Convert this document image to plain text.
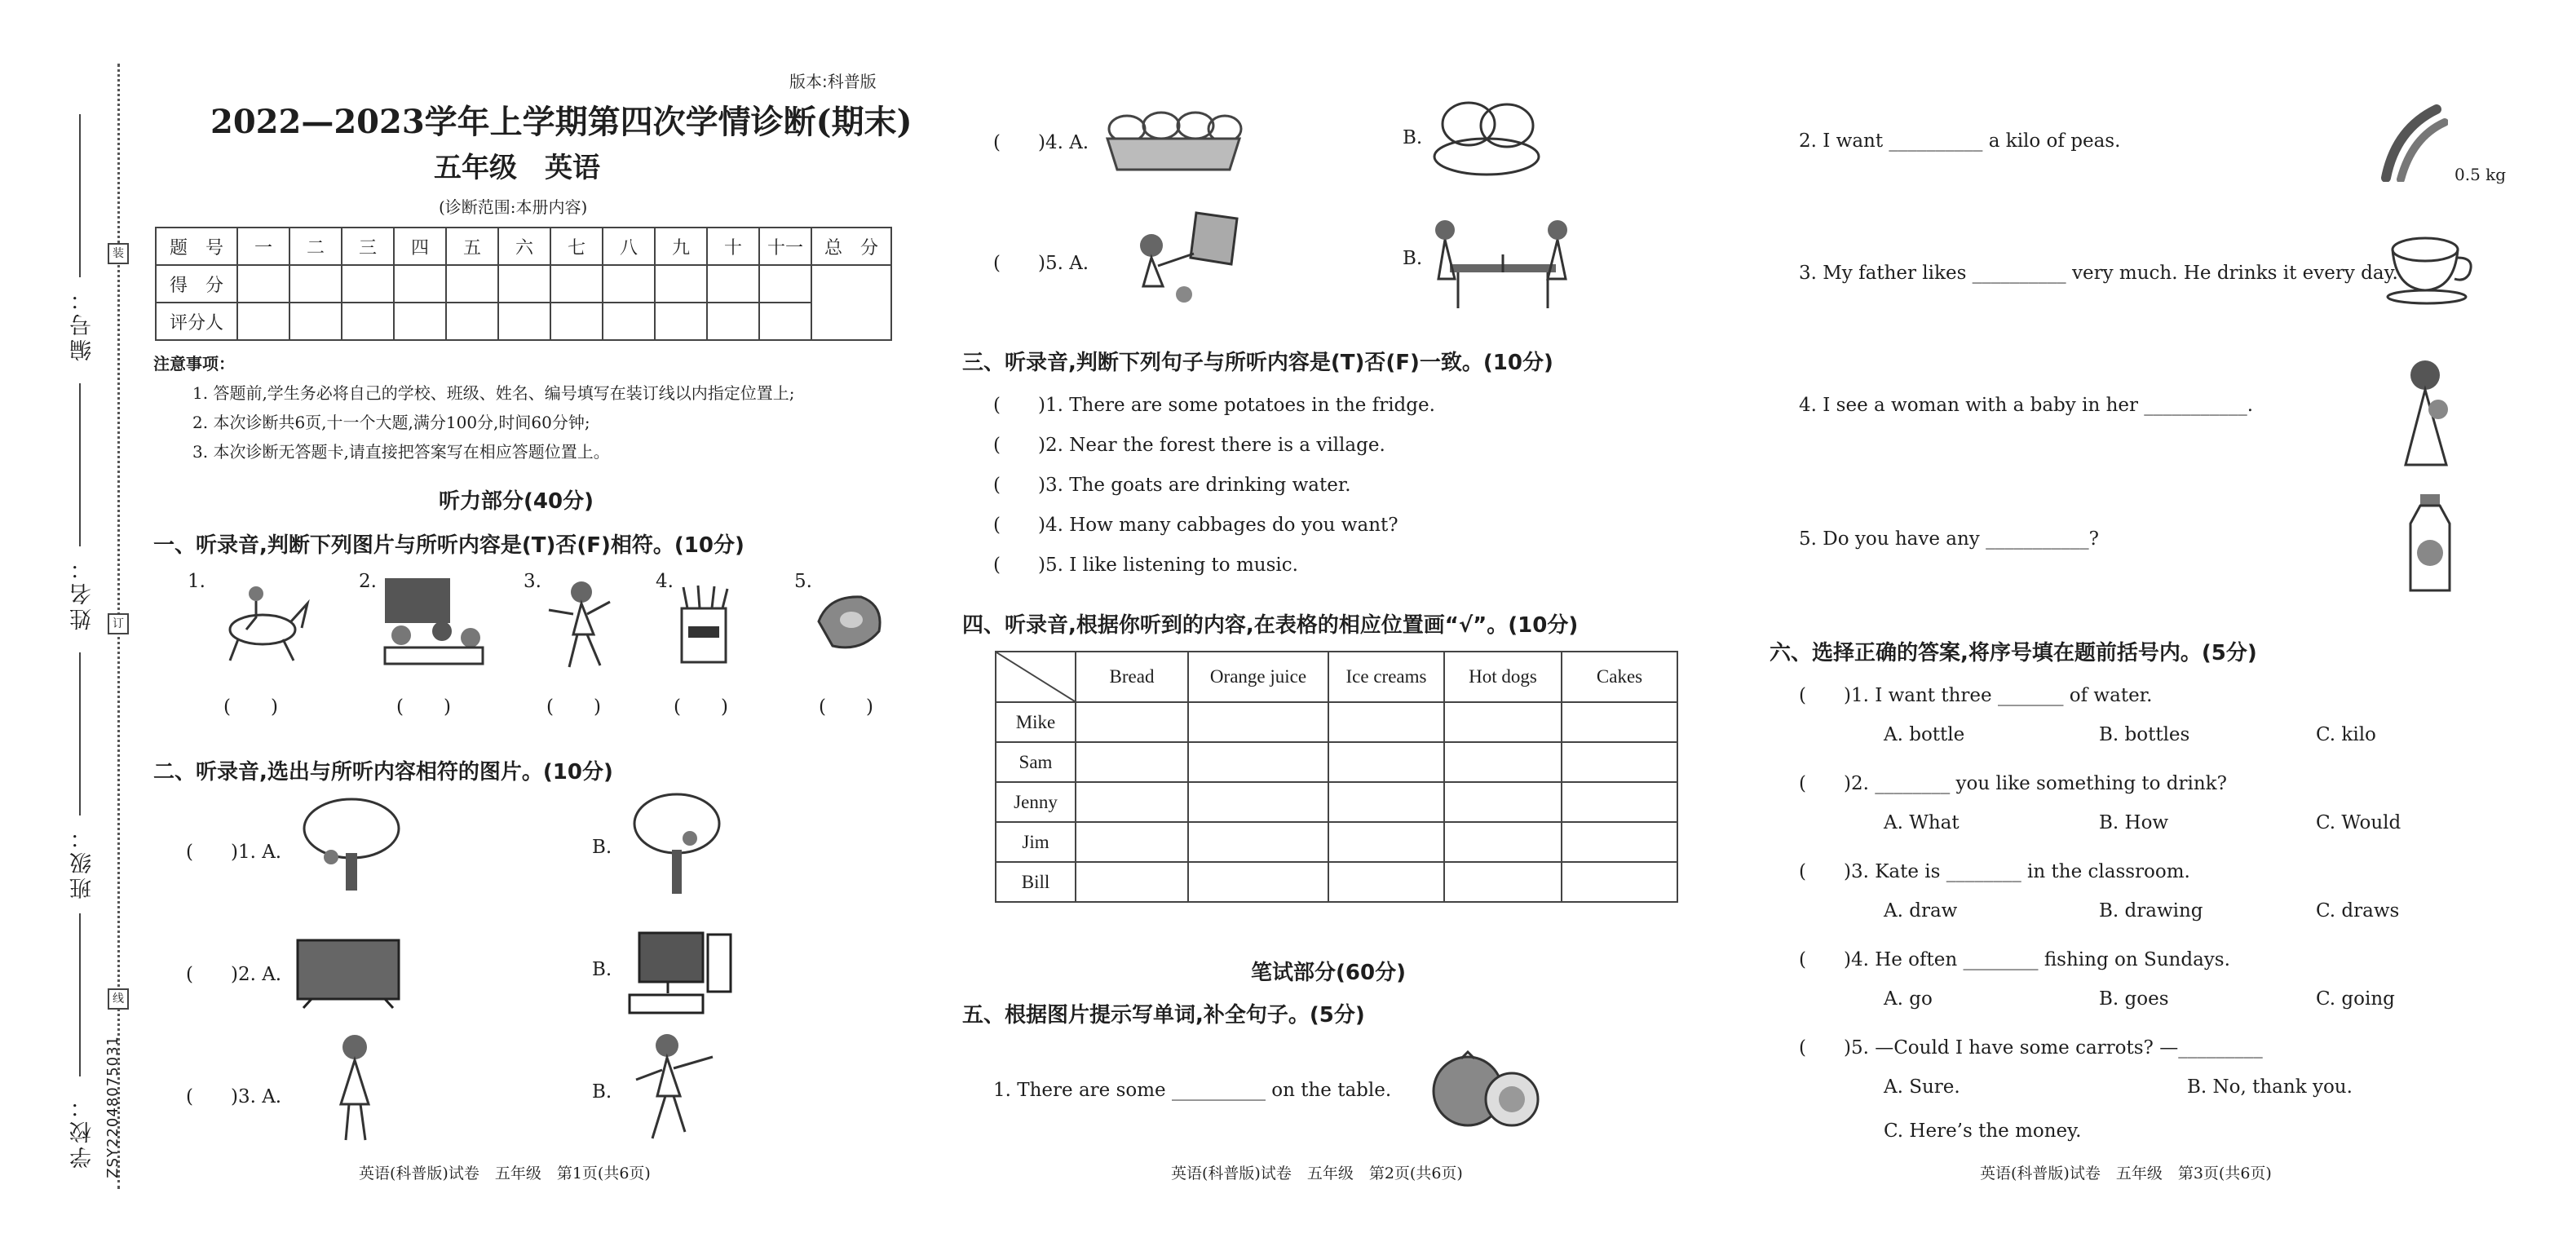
学校：
班级：
姓名：
编号：
装
订
线
ZSY22048075031
版本:科普版
2022—2023学年上学期第四次学情诊断(期末)
五年级　英语
(诊断范围:本册内容)
题　号	一	二	三	四	五	六	七	八	九	十	十一	总　分
得　分												
评分人												
注意事项：
1. 答题前,学生务必将自己的学校、班级、姓名、编号填写在装订线以内指定位置上;
2. 本次诊断共6页,十一个大题,满分100分,时间60分钟;
3. 本次诊断无答题卡,请直接把答案写在相应答题位置上。
听力部分(40分)
一、听录音,判断下列图片与所听内容是(T)否(F)相符。(10分)
1.	2.	3.	4.	5.
(　　)	(　　)	(　　)	(　　)	(　　)
二、听录音,选出与所听内容相符的图片。(10分)
(　　)1. A.	B.
(　　)2. A.	B.
(　　)3. A.	B.
英语(科普版)试卷　五年级　第1页(共6页)
(　　)4. A.	B.
(　　)5. A.	B.
三、听录音,判断下列句子与所听内容是(T)否(F)一致。(10分)
(　　)1. There are some potatoes in the fridge.
(　　)2. Near the forest there is a village.
(　　)3. The goats are drinking water.
(　　)4. How many cabbages do you want?
(　　)5. I like listening to music.
四、听录音,根据你听到的内容,在表格的相应位置画“√”。(10分)
	Bread	Orange juice	Ice creams	Hot dogs	Cakes
Mike					
Sam					
Jenny					
Jim					
Bill					
笔试部分(60分)
五、根据图片提示写单词,补全句子。(5分)
1. There are some __________ on the table.
英语(科普版)试卷　五年级　第2页(共6页)
2. I want __________ a kilo of peas.
0.5 kg
3. My father likes __________ very much. He drinks it every day.
4. I see a woman with a baby in her ___________.
5. Do you have any ___________?
六、选择正确的答案,将序号填在题前括号内。(5分)
(　　)1. I want three _______ of water.
A. bottle	B. bottles	C. kilo
(　　)2. ________ you like something to drink?
A. What	B. How	C. Would
(　　)3. Kate is ________ in the classroom.
A. draw	B. drawing	C. draws
(　　)4. He often ________ fishing on Sundays.
A. go	B. goes	C. going
(　　)5. —Could I have some carrots? —_________
A. Sure.	B. No, thank you.
C. Here’s the money.
英语(科普版)试卷　五年级　第3页(共6页)
